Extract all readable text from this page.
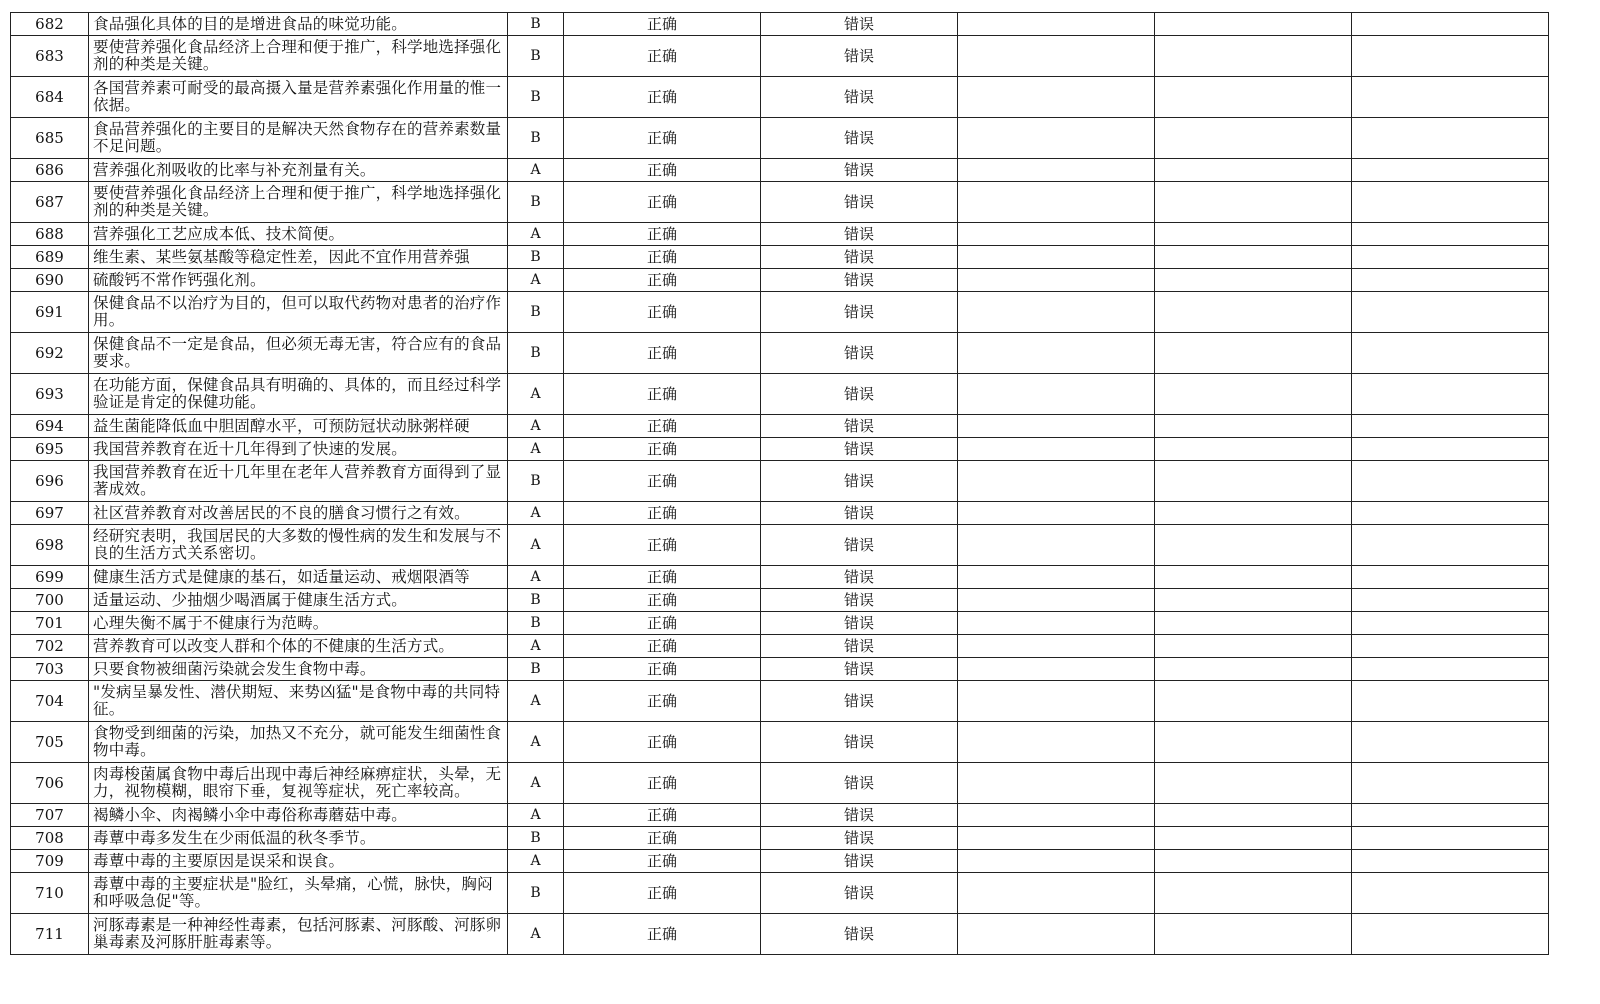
682	食品强化具体的目的是增进食品的味觉功能。	B	正确	错误			
683	要使营养强化食品经济上合理和便于推广，科学地选择强化剂的种类是关键。	B	正确	错误			
684	各国营养素可耐受的最高摄入量是营养素强化作用量的惟一依据。	B	正确	错误			
685	食品营养强化的主要目的是解决天然食物存在的营养素数量不足问题。	B	正确	错误			
686	营养强化剂吸收的比率与补充剂量有关。	A	正确	错误			
687	要使营养强化食品经济上合理和便于推广，科学地选择强化剂的种类是关键。	B	正确	错误			
688	营养强化工艺应成本低、技术简便。	A	正确	错误			
689	维生素、某些氨基酸等稳定性差，因此不宜作用营养强	B	正确	错误			
690	硫酸钙不常作钙强化剂。	A	正确	错误			
691	保健食品不以治疗为目的，但可以取代药物对患者的治疗作用。	B	正确	错误			
692	保健食品不一定是食品，但必须无毒无害，符合应有的食品要求。	B	正确	错误			
693	在功能方面，保健食品具有明确的、具体的，而且经过科学验证是肯定的保健功能。	A	正确	错误			
694	益生菌能降低血中胆固醇水平，可预防冠状动脉粥样硬	A	正确	错误			
695	我国营养教育在近十几年得到了快速的发展。	A	正确	错误			
696	我国营养教育在近十几年里在老年人营养教育方面得到了显著成效。	B	正确	错误			
697	社区营养教育对改善居民的不良的膳食习惯行之有效。	A	正确	错误			
698	经研究表明，我国居民的大多数的慢性病的发生和发展与不良的生活方式关系密切。	A	正确	错误			
699	健康生活方式是健康的基石，如适量运动、戒烟限酒等	A	正确	错误			
700	适量运动、少抽烟少喝酒属于健康生活方式。	B	正确	错误			
701	心理失衡不属于不健康行为范畴。	B	正确	错误			
702	营养教育可以改变人群和个体的不健康的生活方式。	A	正确	错误			
703	只要食物被细菌污染就会发生食物中毒。	B	正确	错误			
704	"发病呈暴发性、潜伏期短、来势凶猛"是食物中毒的共同特征。	A	正确	错误			
705	食物受到细菌的污染，加热又不充分，就可能发生细菌性食物中毒。	A	正确	错误			
706	肉毒梭菌属食物中毒后出现中毒后神经麻痹症状，头晕，无力，视物模糊，眼帘下垂，复视等症状，死亡率较高。	A	正确	错误			
707	褐鳞小伞、肉褐鳞小伞中毒俗称毒蘑菇中毒。	A	正确	错误			
708	毒蕈中毒多发生在少雨低温的秋冬季节。	B	正确	错误			
709	毒蕈中毒的主要原因是误采和误食。	A	正确	错误			
710	毒蕈中毒的主要症状是"脸红，头晕痛，心慌，脉快，胸闷和呼吸急促"等。	B	正确	错误			
711	河豚毒素是一种神经性毒素，包括河豚素、河豚酸、河豚卵巢毒素及河豚肝脏毒素等。	A	正确	错误			
